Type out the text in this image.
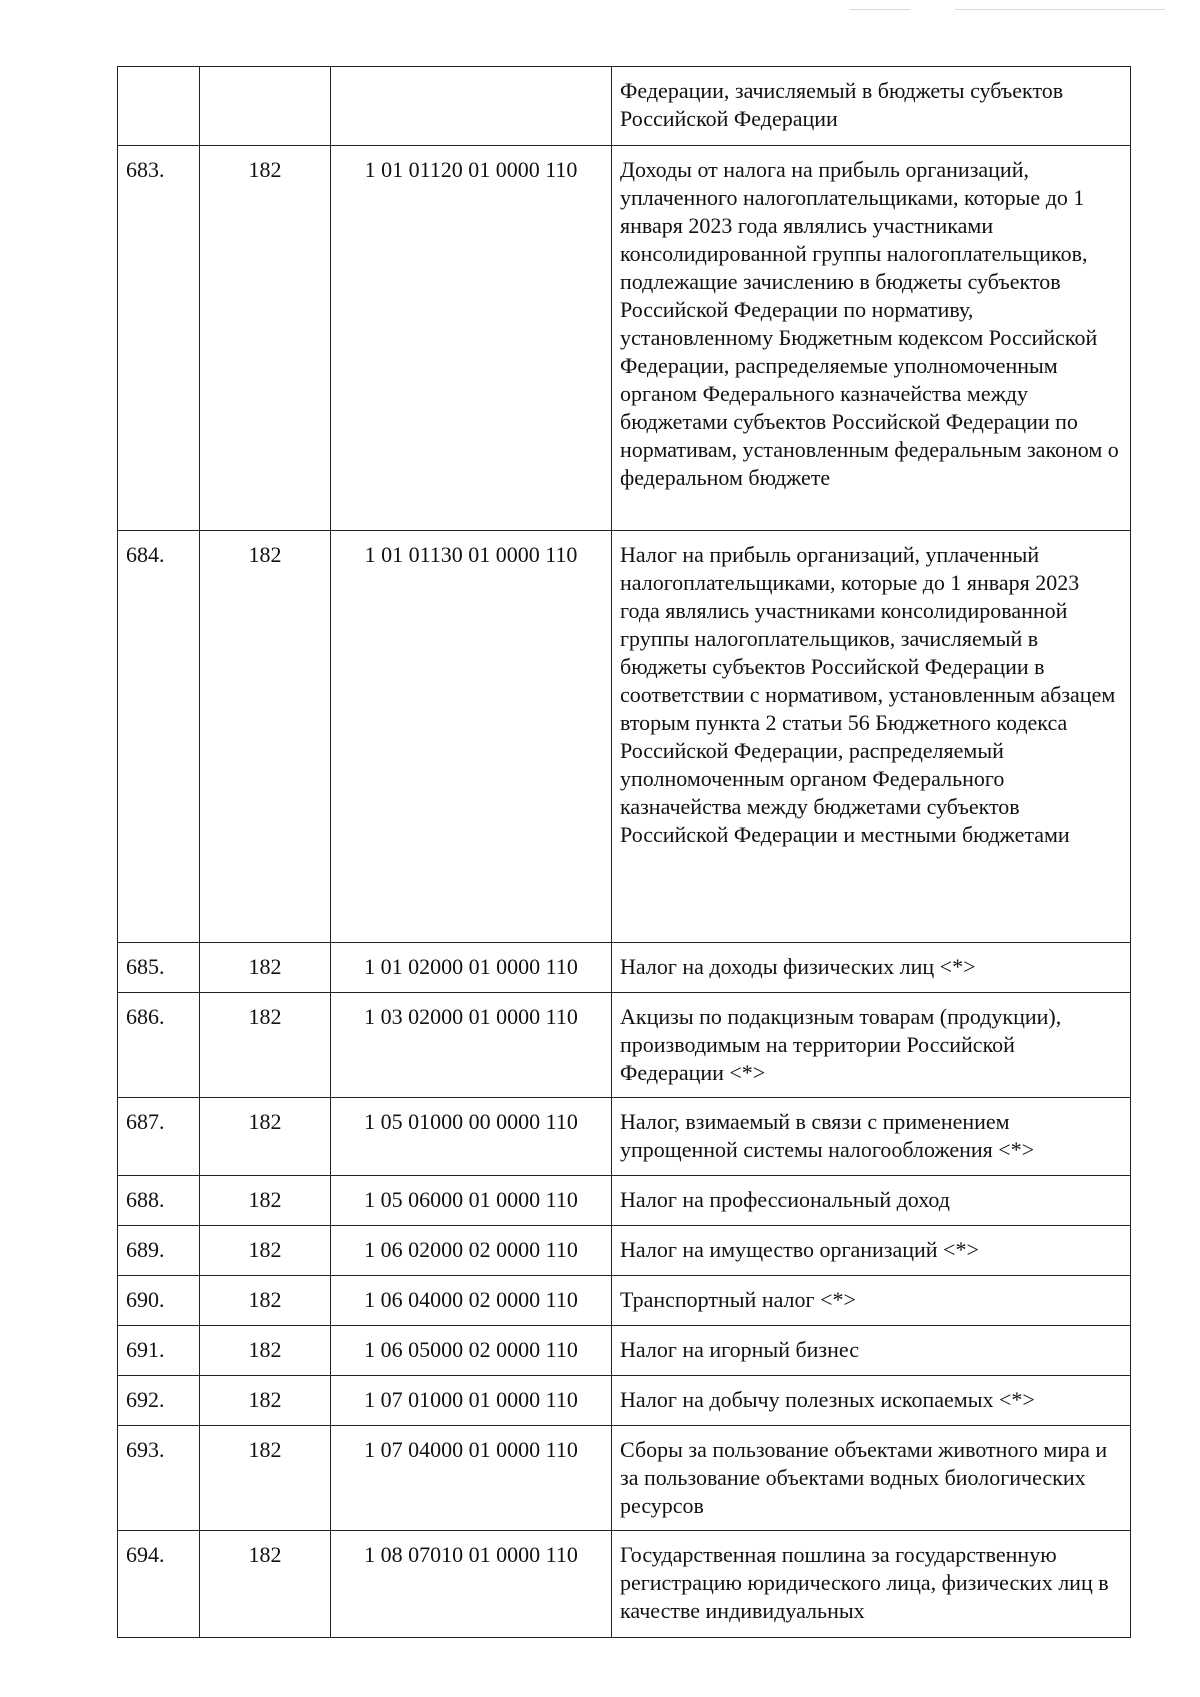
			Федерации, зачисляемый в бюджеты субъектов Российской Федерации
683.	182	1 01 01120 01 0000 110	Доходы от налога на прибыль организаций, уплаченного налогоплательщиками, которые до 1 января 2023 года являлись участниками консолидированной группы налогоплательщиков, подлежащие зачислению в бюджеты субъектов Российской Федерации по нормативу, установленному Бюджетным кодексом Российской Федерации, распределяемые уполномоченным органом Федерального казначейства между бюджетами субъектов Российской Федерации по нормативам, установленным федеральным законом о федеральном бюджете
684.	182	1 01 01130 01 0000 110	Налог на прибыль организаций, уплаченный налогоплательщиками, которые до 1 января 2023 года являлись участниками консолидированной группы налогоплательщиков, зачисляемый в бюджеты субъектов Российской Федерации в соответствии с нормативом, установленным абзацем вторым пункта 2 статьи 56 Бюджетного кодекса Российской Федерации, распределяемый уполномоченным органом Федерального казначейства между бюджетами субъектов Российской Федерации и местными бюджетами
685.	182	1 01 02000 01 0000 110	Налог на доходы физических лиц <*>
686.	182	1 03 02000 01 0000 110	Акцизы по подакцизным товарам (продукции), производимым на территории Российской Федерации <*>
687.	182	1 05 01000 00 0000 110	Налог, взимаемый в связи с применением упрощенной системы налогообложения <*>
688.	182	1 05 06000 01 0000 110	Налог на профессиональный доход
689.	182	1 06 02000 02 0000 110	Налог на имущество организаций <*>
690.	182	1 06 04000 02 0000 110	Транспортный налог <*>
691.	182	1 06 05000 02 0000 110	Налог на игорный бизнес
692.	182	1 07 01000 01 0000 110	Налог на добычу полезных ископаемых <*>
693.	182	1 07 04000 01 0000 110	Сборы за пользование объектами животного мира и за пользование объектами водных биологических ресурсов
694.	182	1 08 07010 01 0000 110	Государственная пошлина за государственную регистрацию юридического лица, физических лиц в качестве индивидуальных
